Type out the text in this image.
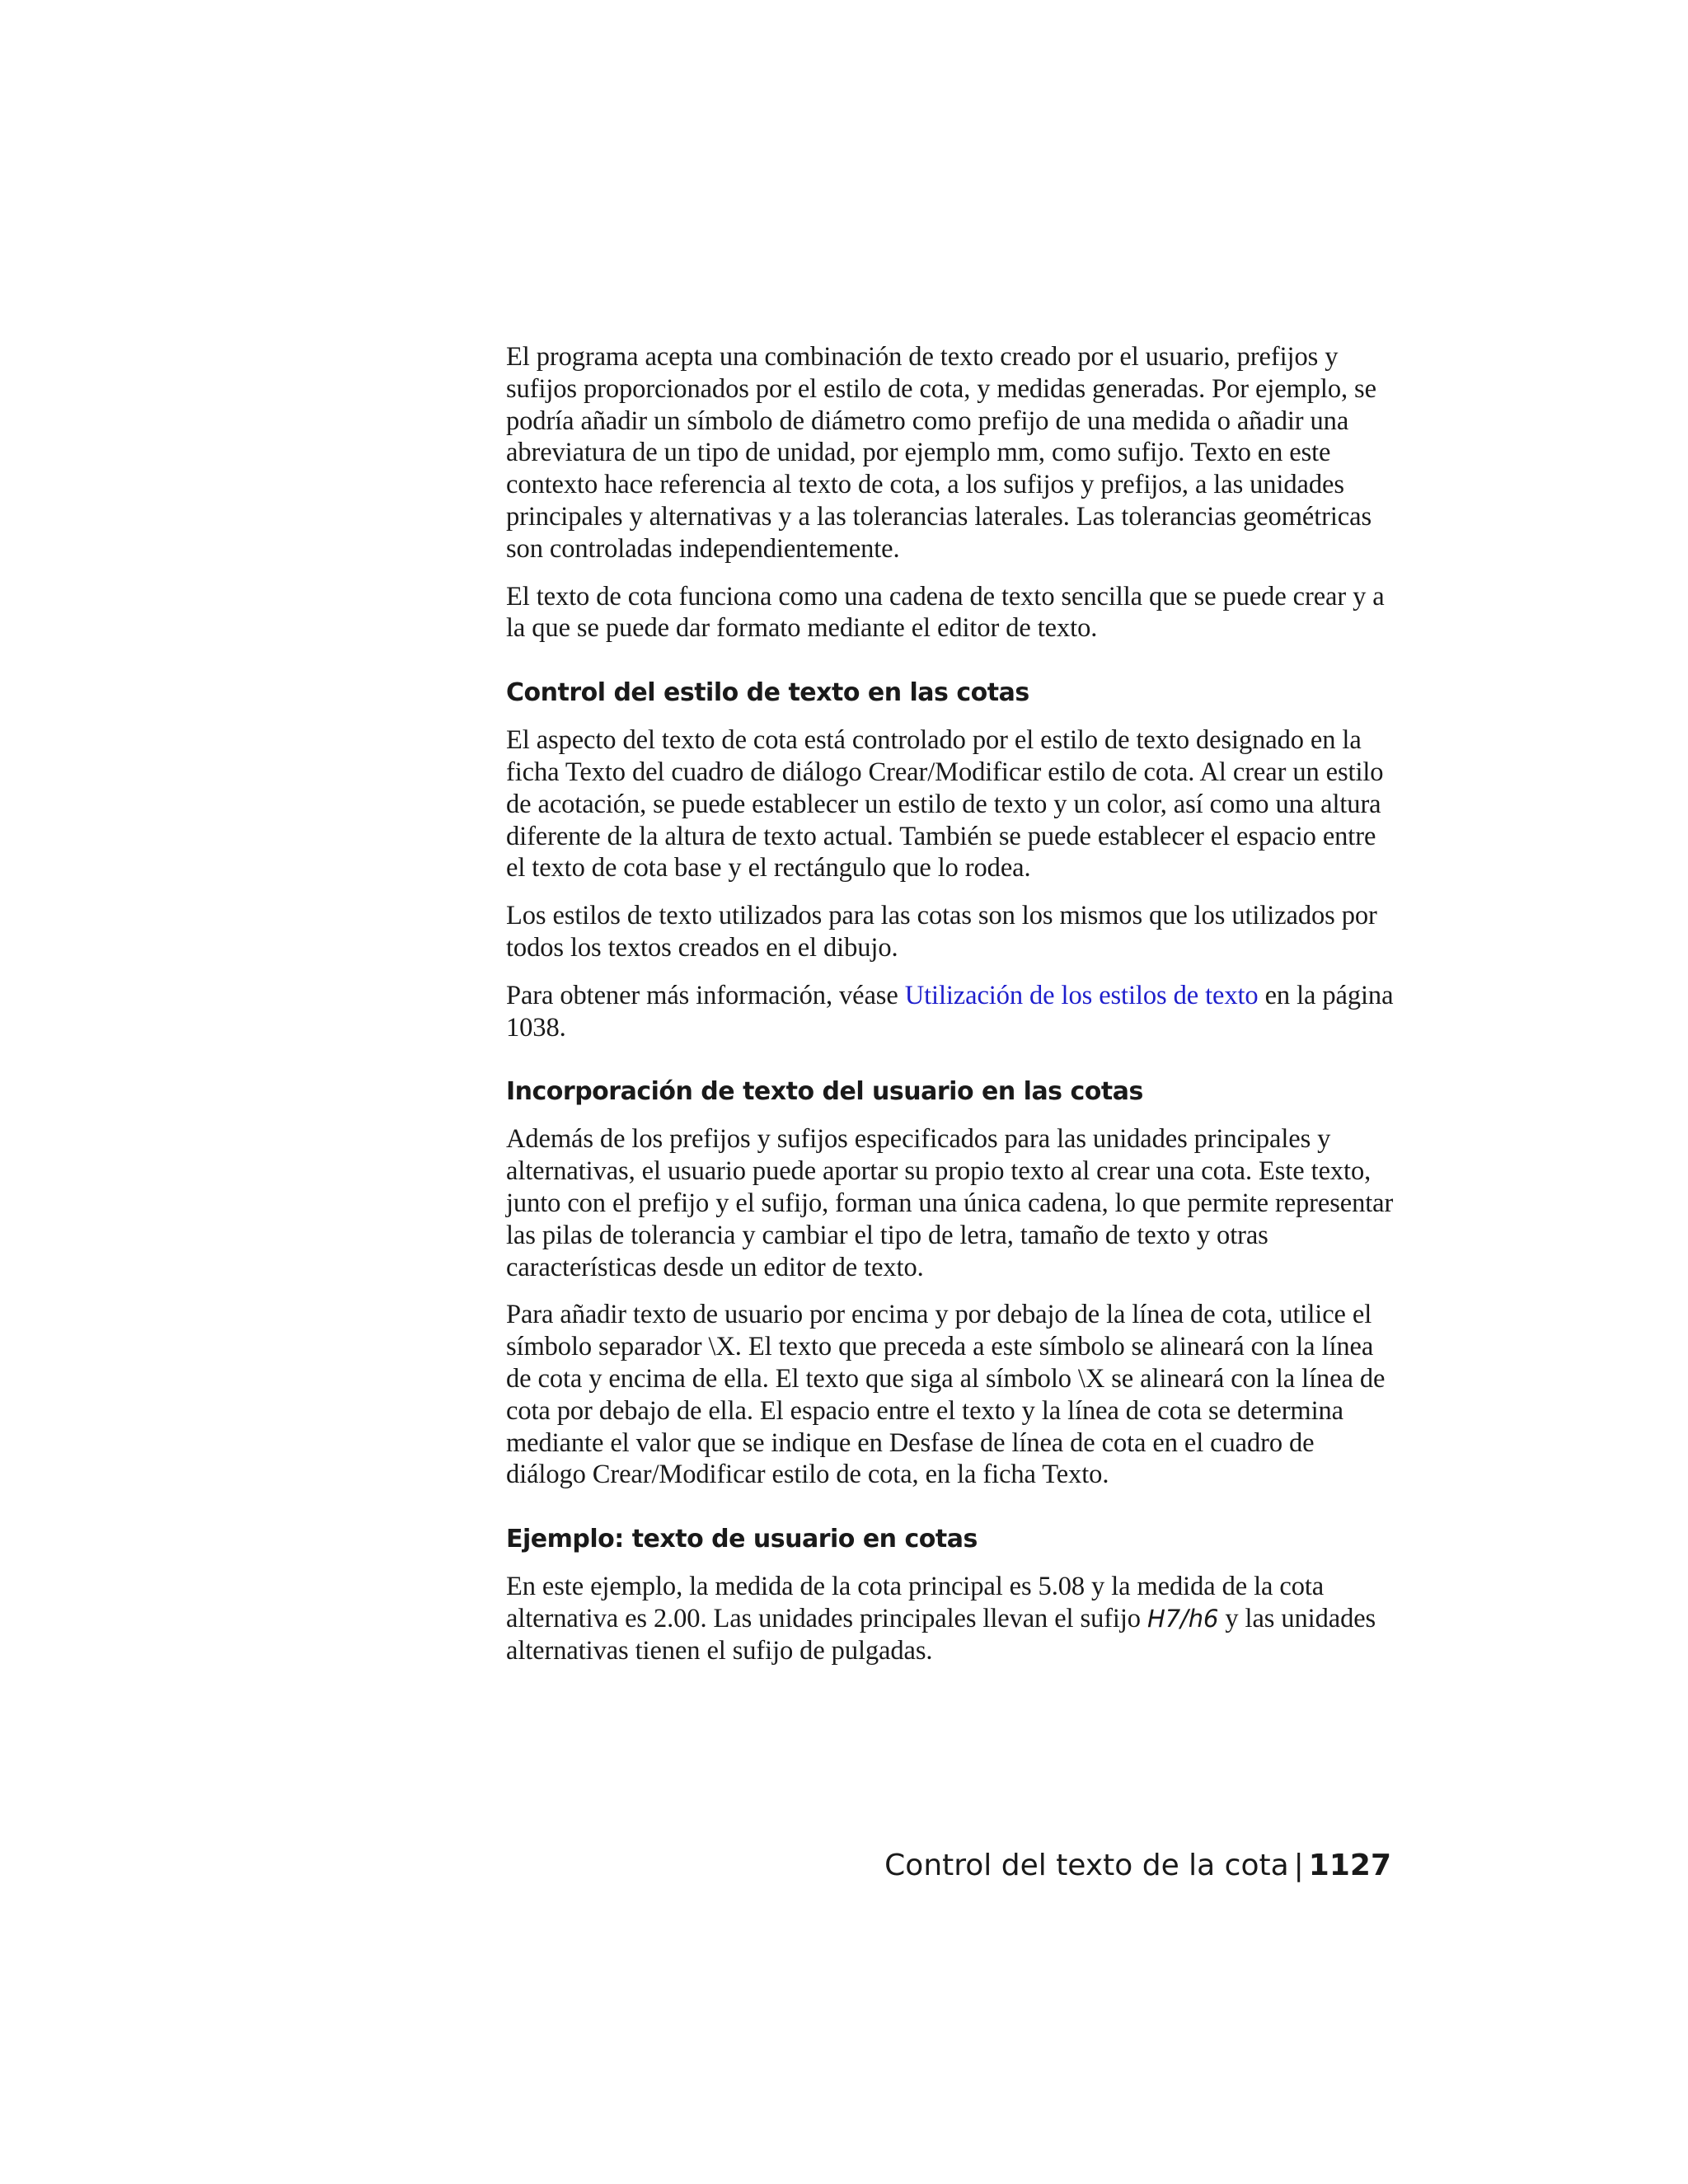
El programa acepta una combinación de texto creado por el usuario, prefijos y sufijos proporcionados por el estilo de cota, y medidas generadas. Por ejemplo, se podría añadir un símbolo de diámetro como prefijo de una medida o añadir una abreviatura de un tipo de unidad, por ejemplo mm, como sufijo. Texto en este contexto hace referencia al texto de cota, a los sufijos y prefijos, a las unidades principales y alternativas y a las tolerancias laterales. Las tolerancias geométricas son controladas independientemente.

El texto de cota funciona como una cadena de texto sencilla que se puede crear y a la que se puede dar formato mediante el editor de texto.

Control del estilo de texto en las cotas

El aspecto del texto de cota está controlado por el estilo de texto designado en la ficha Texto del cuadro de diálogo Crear/Modificar estilo de cota. Al crear un estilo de acotación, se puede establecer un estilo de texto y un color, así como una altura diferente de la altura de texto actual. También se puede establecer el espacio entre el texto de cota base y el rectángulo que lo rodea.

Los estilos de texto utilizados para las cotas son los mismos que los utilizados por todos los textos creados en el dibujo.

Para obtener más información, véase Utilización de los estilos de texto en la página 1038.

Incorporación de texto del usuario en las cotas

Además de los prefijos y sufijos especificados para las unidades principales y alternativas, el usuario puede aportar su propio texto al crear una cota. Este texto, junto con el prefijo y el sufijo, forman una única cadena, lo que permite representar las pilas de tolerancia y cambiar el tipo de letra, tamaño de texto y otras características desde un editor de texto.

Para añadir texto de usuario por encima y por debajo de la línea de cota, utilice el símbolo separador \X. El texto que preceda a este símbolo se alineará con la línea de cota y encima de ella. El texto que siga al símbolo \X se alineará con la línea de cota por debajo de ella. El espacio entre el texto y la línea de cota se determina mediante el valor que se indique en Desfase de línea de cota en el cuadro de diálogo Crear/Modificar estilo de cota, en la ficha Texto.

Ejemplo: texto de usuario en cotas

En este ejemplo, la medida de la cota principal es 5.08 y la medida de la cota alternativa es 2.00. Las unidades principales llevan el sufijo H7/h6 y las unidades alternativas tienen el sufijo de pulgadas.

Control del texto de la cota | 1127
